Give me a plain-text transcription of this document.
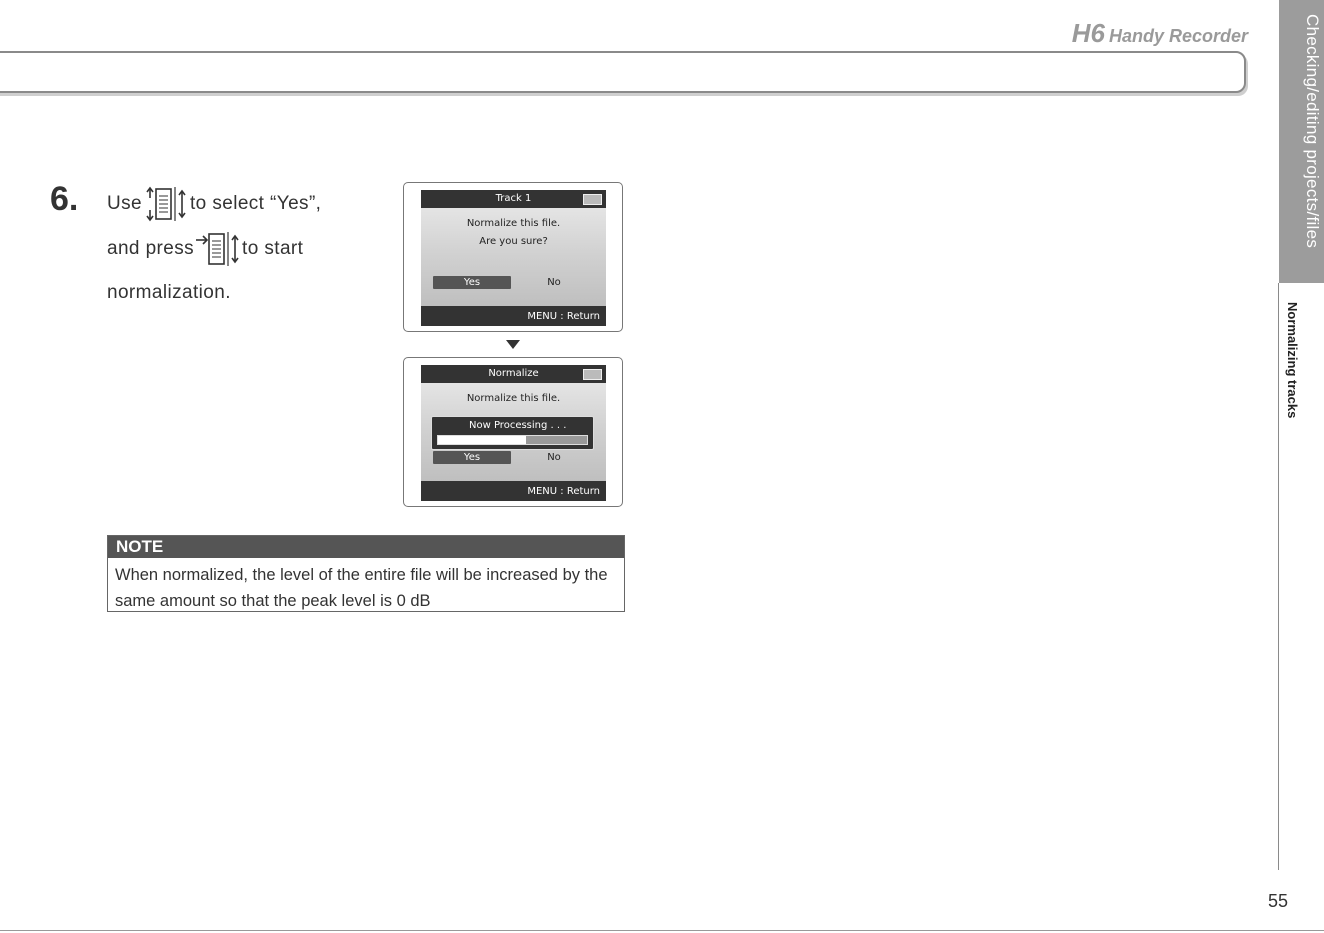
H6 Handy Recorder	Checking/editing projects/files
Normalizing tracks
6. Use	to select “Yes”,
and press	to start
normalization.
Track 1
Normalize this file.
Are you sure?
Yes	No
MENU : Return
Normalize
Normalize this file.
Now Processing . . .
Yes	No
MENU : Return
NOTE
When normalized, the level of the entire file will be increased by the same amount so that the peak level is 0 dB
55
